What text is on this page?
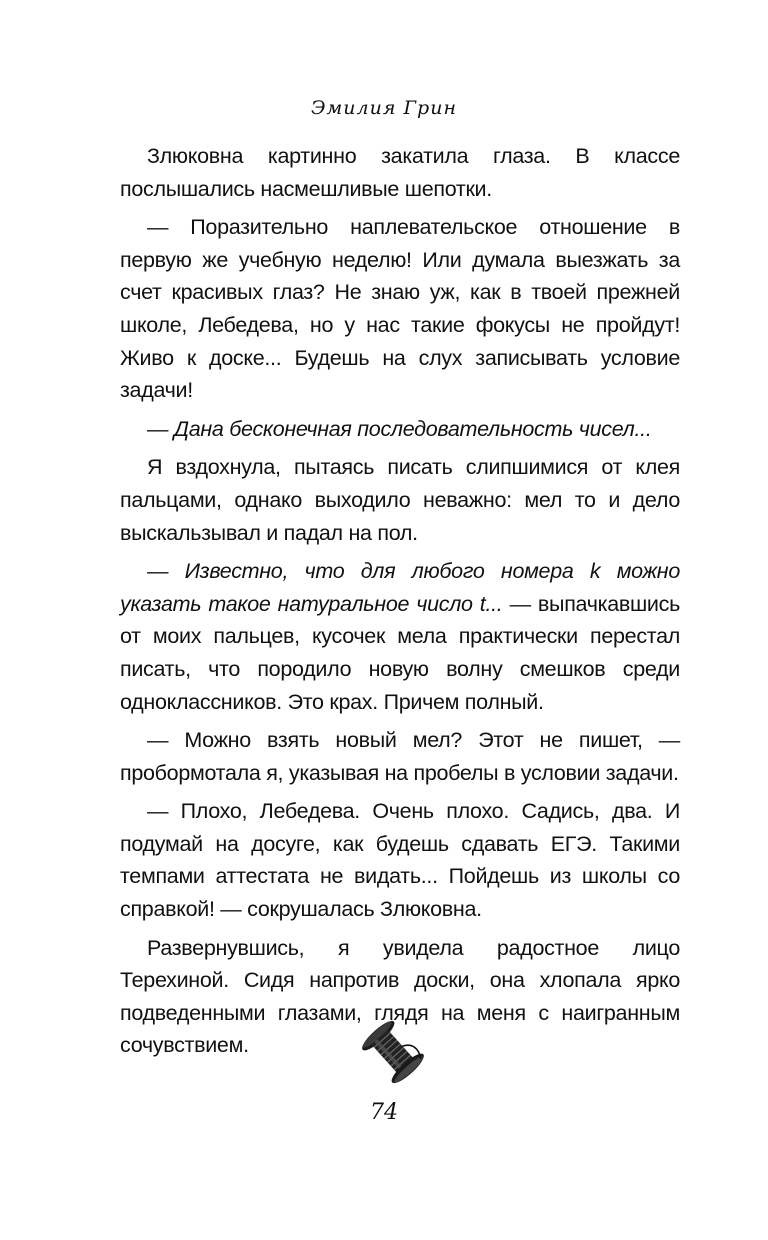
Эмилия Грин

Злюковна картинно закатила глаза. В классе послышались насмешливые шепотки.

— Поразительно наплевательское отношение в первую же учебную неделю! Или думала выезжать за счет красивых глаз? Не знаю уж, как в твоей прежней школе, Лебедева, но у нас такие фокусы не пройдут! Живо к доске... Будешь на слух записывать условие задачи!

— Дана бесконечная последовательность чисел...

Я вздохнула, пытаясь писать слипшимися от клея пальцами, однако выходило неважно: мел то и дело выскальзывал и падал на пол.

— Известно, что для любого номера k можно указать такое натуральное число t... — выпачкавшись от моих пальцев, кусочек мела практически перестал писать, что породило новую волну смешков среди одноклассников. Это крах. Причем полный.

— Можно взять новый мел? Этот не пишет, — пробормотала я, указывая на пробелы в условии задачи.

— Плохо, Лебедева. Очень плохо. Садись, два. И подумай на досуге, как будешь сдавать ЕГЭ. Такими темпами аттестата не видать... Пойдешь из школы со справкой! — сокрушалась Злюковна.

Развернувшись, я увидела радостное лицо Терехиной. Сидя напротив доски, она хлопала ярко подведенными глазами, глядя на меня с наигранным сочувствием.

74
